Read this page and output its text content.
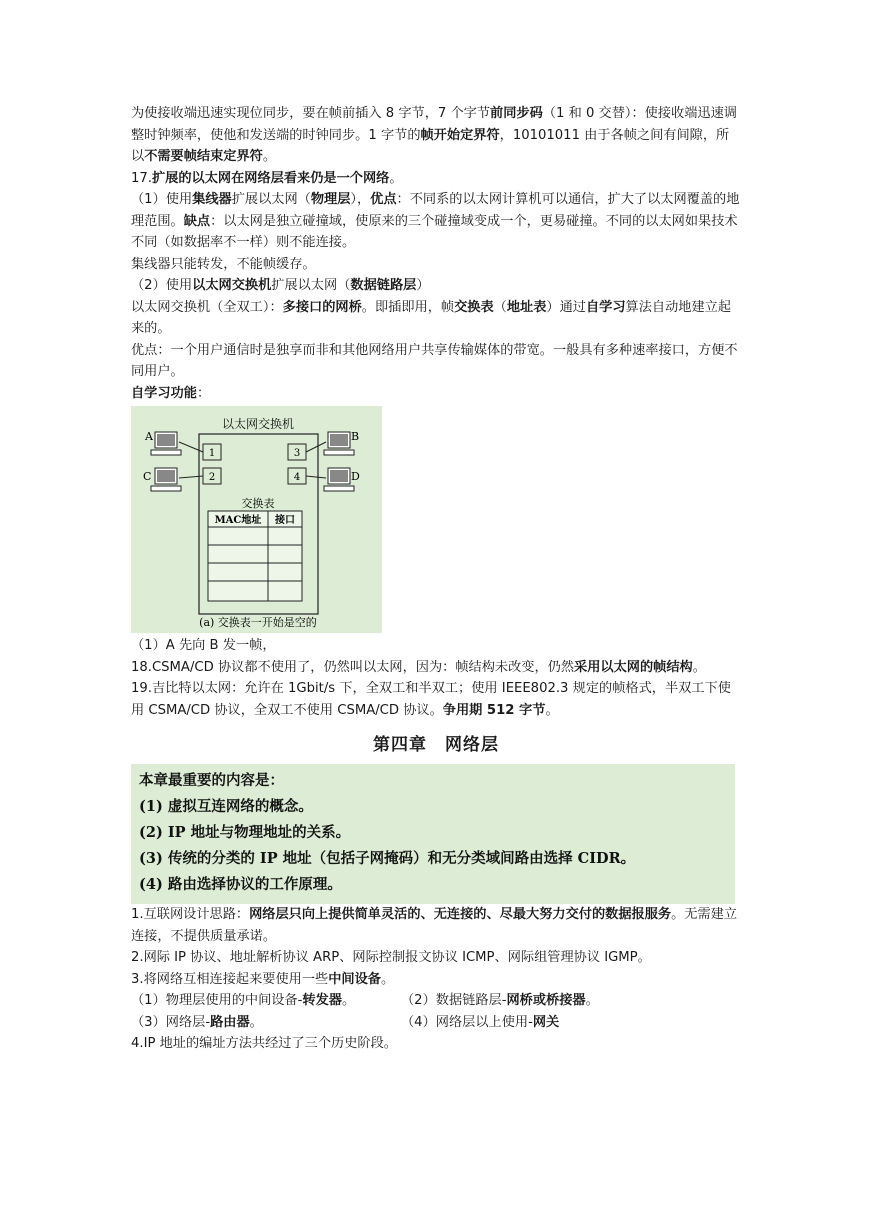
为使接收端迅速实现位同步，要在帧前插入 8 字节，7 个字节前同步码（1 和 0 交替）：使接收端迅速调整时钟频率，使他和发送端的时钟同步。1 字节的帧开始定界符，10101011 由于各帧之间有间隙，所以不需要帧结束定界符。

17.扩展的以太网在网络层看来仍是一个网络。

（1）使用集线器扩展以太网（物理层），优点：不同系的以太网计算机可以通信，扩大了以太网覆盖的地理范围。缺点：以太网是独立碰撞域，使原来的三个碰撞域变成一个，更易碰撞。不同的以太网如果技术不同（如数据率不一样）则不能连接。

集线器只能转发，不能帧缓存。

（2）使用以太网交换机扩展以太网（数据链路层）

以太网交换机（全双工）：多接口的网桥。即插即用，帧交换表（地址表）通过自学习算法自动地建立起来的。

优点：一个用户通信时是独享而非和其他网络用户共享传输媒体的带宽。一般具有多种速率接口，方便不同用户。

自学习功能：

以太网交换机
1
2
3
4
A
C
B
D
交换表
MAC地址 接口
(a) 交换表一开始是空的

（1）A 先向 B 发一帧，

18.CSMA/CD 协议都不使用了，仍然叫以太网，因为：帧结构未改变，仍然采用以太网的帧结构。

19.吉比特以太网：允许在 1Gbit/s 下，全双工和半双工；使用 IEEE802.3 规定的帧格式，半双工下使用 CSMA/CD 协议，全双工不使用 CSMA/CD 协议。争用期 512 字节。

第四章　网络层
本章最重要的内容是：
(1) 虚拟互连网络的概念。
(2) IP 地址与物理地址的关系。
(3) 传统的分类的 IP 地址（包括子网掩码）和无分类域间路由选择 CIDR。
(4) 路由选择协议的工作原理。

1.互联网设计思路：网络层只向上提供简单灵活的、无连接的、尽最大努力交付的数据报服务。无需建立连接，不提供质量承诺。

2.网际 IP 协议、地址解析协议 ARP、网际控制报文协议 ICMP、网际组管理协议 IGMP。

3.将网络互相连接起来要使用一些中间设备。

（1）物理层使用的中间设备-转发器。	（2）数据链路层-网桥或桥接器。

（3）网络层-路由器。	（4）网络层以上使用-网关

4.IP 地址的编址方法共经过了三个历史阶段。
